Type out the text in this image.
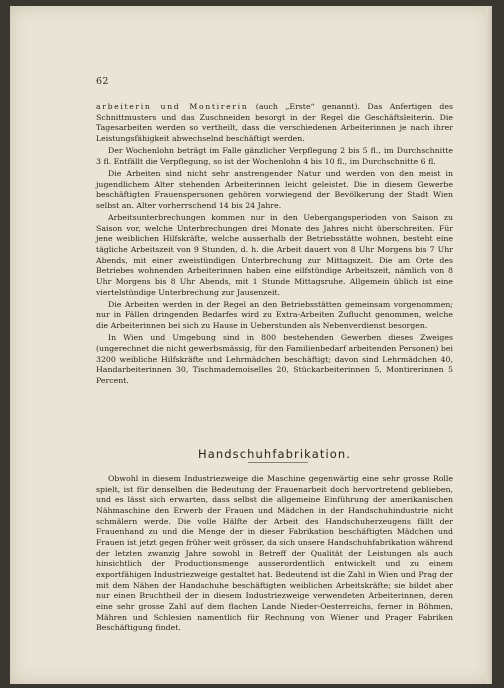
62

arbeiterin und Montirerin (auch „Erste“ genannt). Das Anfertigen des Schnittmusters und das Zuschneiden besorgt in der Regel die Geschäftsleiterin. Die Tagesarbeiten werden so vertheilt, dass die verschiedenen Arbeiterinnen je nach ihrer Leistungsfähigkeit abwechselnd beschäftigt werden.

Der Wochenlohn beträgt im Falle gänzlicher Verpflegung 2 bis 5 fl., im Durchschnitte 3 fl. Entfällt die Verpflegung, so ist der Wochenlohn 4 bis 10 fl., im Durchschnitte 6 fl.

Die Arbeiten sind nicht sehr anstrengender Natur und werden von den meist in jugendlichem Alter stehenden Arbeiterinnen leicht geleistet. Die in diesem Gewerbe beschäftigten Frauenspersonen gehören vorwiegend der Bevölkerung der Stadt Wien selbst an. Alter vorherrschend 14 bis 24 Jahre.

Arbeitsunterbrechungen kommen nur in den Uebergangsperioden von Saison zu Saison vor, welche Unterbrechungen drei Monate des Jahres nicht überschreiten. Für jene weiblichen Hilfskräfte, welche ausserhalb der Betriebsstätte wohnen, besteht eine tägliche Arbeitszeit von 9 Stunden, d. h. die Arbeit dauert von 8 Uhr Morgens bis 7 Uhr Abends, mit einer zweistündigen Unterbrechung zur Mittagszeit. Die am Orte des Betriebes wohnenden Arbeiterinnen haben eine eilfstündige Arbeitszeit, nämlich von 8 Uhr Morgens bis 8 Uhr Abends, mit 1 Stunde Mittagsruhe. Allgemein üblich ist eine viertelstündige Unterbrechung zur Jausenzeit.

Die Arbeiten werden in der Regel an den Betriebsstätten gemeinsam vorgenommen; nur in Fällen dringenden Bedarfes wird zu Extra-Arbeiten Zuflucht genommen, welche die Arbeiterinnen bei sich zu Hause in Ueberstunden als Nebenverdienst besorgen.

In Wien und Umgebung sind in 800 bestehenden Gewerben dieses Zweiges (ungerechnet die nicht gewerbsmässig, für den Familienbedarf arbeitenden Personen) bei 3200 weibliche Hilfskräfte und Lehrmädchen beschäftigt; davon sind Lehrmädchen 40, Handarbeiterinnen 30, Tischmademoiselles 20, Stückarbeiterinnen 5, Montirerinnen 5 Percent.

Handschuhfabrikation.

Obwohl in diesem Industriezweige die Maschine gegenwärtig eine sehr grosse Rolle spielt, ist für denselben die Bedeutung der Frauenarbeit doch hervortretend geblieben, und es lässt sich erwarten, dass selbst die allgemeine Einführung der amerikanischen Nähmaschine den Erwerb der Frauen und Mädchen in der Handschuhindustrie nicht schmälern werde. Die volle Hälfte der Arbeit des Handschuherzeugens fällt der Frauenhand zu und die Menge der in dieser Fabrikation beschäftigten Mädchen und Frauen ist jetzt gegen früher weit grösser, da sich unsere Handschuhfabrikation während der letzten zwanzig Jahre sowohl in Betreff der Qualität der Leistungen als auch hinsichtlich der Productionsmenge ausserordentlich entwickelt und zu einem exportfähigen Industriezweige gestaltet hat. Bedeutend ist die Zahl in Wien und Prag der mit dem Nähen der Handschuhe beschäftigten weiblichen Arbeitskräfte; sie bildet aber nur einen Bruchtheil der in diesem Industriezweige verwendeten Arbeiterinnen, deren eine sehr grosse Zahl auf dem flachen Lande Nieder-Oesterreichs, ferner in Böhmen, Mähren und Schlesien namentlich für Rechnung von Wiener und Prager Fabriken Beschäftigung findet.
